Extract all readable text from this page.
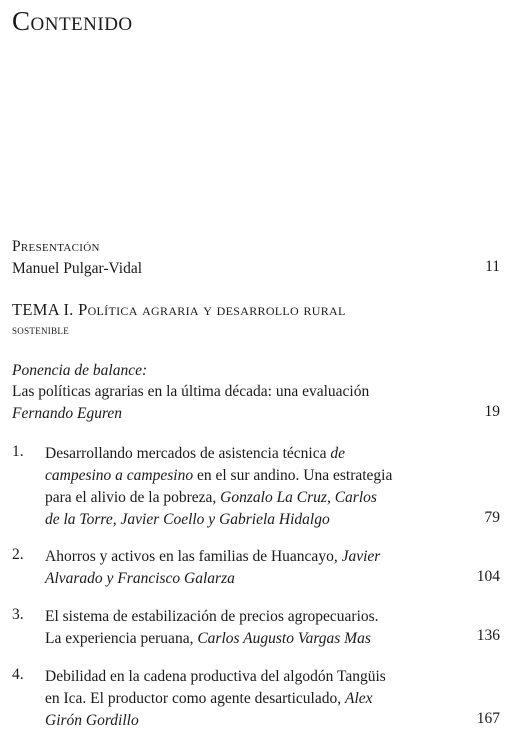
Contenido
Presentación
Manuel Pulgar-Vidal	11
TEMA I. Política agraria y desarrollo rural
sostenible
Ponencia de balance:
Las políticas agrarias en la última década: una evaluación
Fernando Eguren	19
1. Desarrollando mercados de asistencia técnica de
campesino a campesino en el sur andino. Una estrategia
para el alivio de la pobreza, Gonzalo La Cruz, Carlos
de la Torre, Javier Coello y Gabriela Hidalgo	79
2. Ahorros y activos en las familias de Huancayo, Javier
Alvarado y Francisco Galarza	104
3. El sistema de estabilización de precios agropecuarios.
La experiencia peruana, Carlos Augusto Vargas Mas	136
4. Debilidad en la cadena productiva del algodón Tangüis
en Ica. El productor como agente desarticulado, Alex
Girón Gordillo	167
